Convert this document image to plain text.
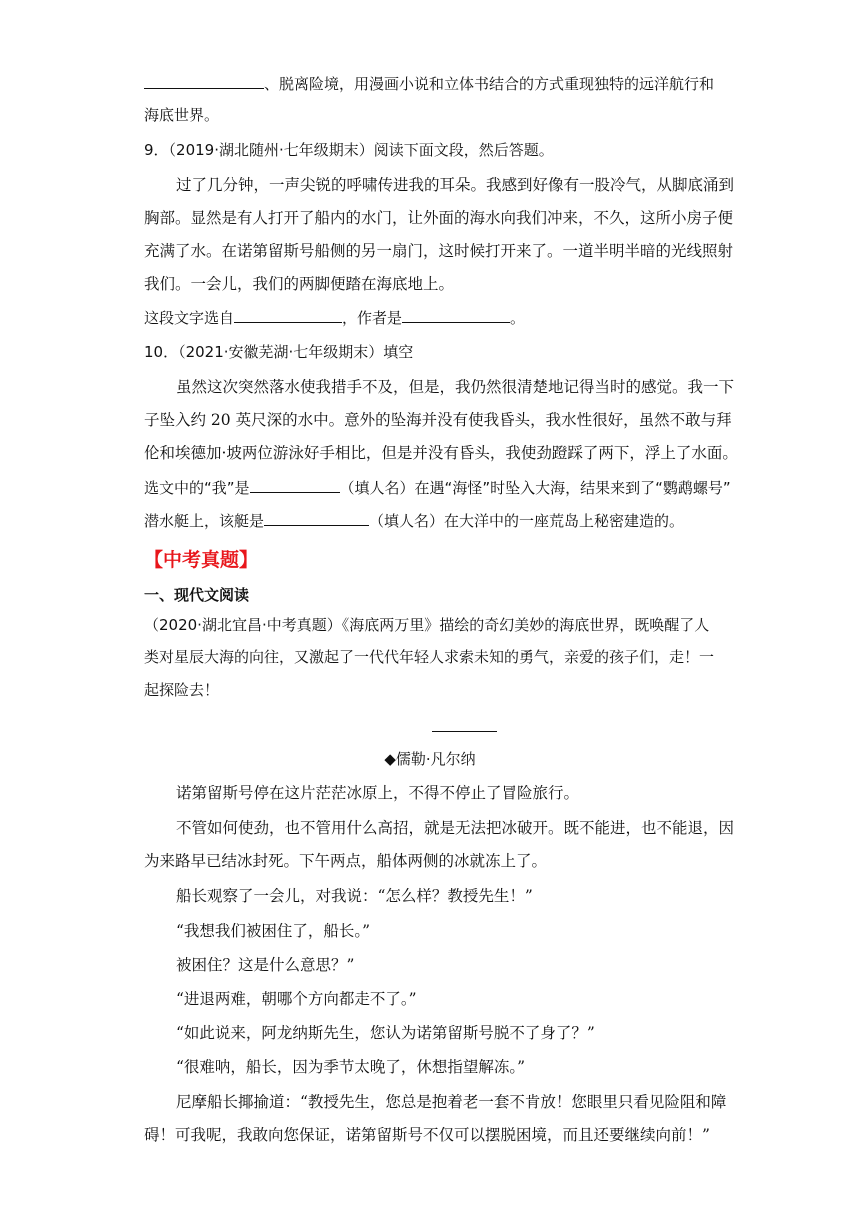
、脱离险境，用漫画小说和立体书结合的方式重现独特的远洋航行和
海底世界。
9．（2019·湖北随州·七年级期末）阅读下面文段，然后答题。
过了几分钟，一声尖锐的呼啸传进我的耳朵。我感到好像有一股冷气，从脚底涌到
胸部。显然是有人打开了船内的水门，让外面的海水向我们冲来，不久，这所小房子便
充满了水。在诺第留斯号船侧的另一扇门，这时候打开来了。一道半明半暗的光线照射
我们。一会儿，我们的两脚便踏在海底地上。
这段文字选自	，作者是	。
10．（2021·安徽芜湖·七年级期末）填空
虽然这次突然落水使我措手不及，但是，我仍然很清楚地记得当时的感觉。我一下
子坠入约 20 英尺深的水中。意外的坠海并没有使我昏头，我水性很好，虽然不敢与拜
伦和埃德加·坡两位游泳好手相比，但是并没有昏头，我使劲蹬踩了两下，浮上了水面。
选文中的“我”是	（填人名）在遇“海怪”时坠入大海，结果来到了“鹦鹉螺号”
潜水艇上，该艇是	（填人名）在大洋中的一座荒岛上秘密建造的。
【中考真题】
一、现代文阅读
（2020·湖北宜昌·中考真题）《海底两万里》描绘的奇幻美妙的海底世界，既唤醒了人
类对星辰大海的向往，又激起了一代代年轻人求索未知的勇气，亲爱的孩子们，走！一
起探险去！
◆儒勒·凡尔纳
诺第留斯号停在这片茫茫冰原上，不得不停止了冒险旅行。
不管如何使劲，也不管用什么高招，就是无法把冰破开。既不能进，也不能退，因
为来路早已结冰封死。下午两点，船体两侧的冰就冻上了。
船长观察了一会儿，对我说：“怎么样？教授先生！”
“我想我们被困住了，船长。”
被困住？这是什么意思？”
“进退两难，朝哪个方向都走不了。”
“如此说来，阿龙纳斯先生，您认为诺第留斯号脱不了身了？”
“很难呐，船长，因为季节太晚了，休想指望解冻。”
尼摩船长揶揄道：“教授先生，您总是抱着老一套不肯放！您眼里只看见险阻和障
碍！可我呢，我敢向您保证，诺第留斯号不仅可以摆脱困境，而且还要继续向前！”
